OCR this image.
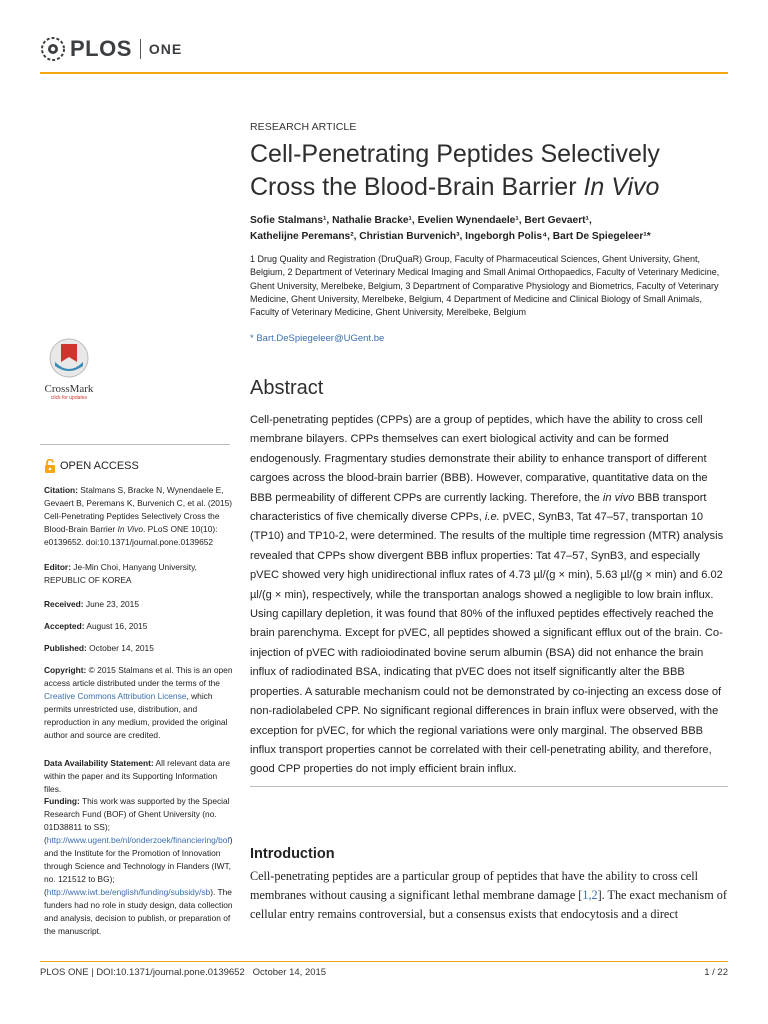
PLOS ONE
CrossMark
click for updates
OPEN ACCESS
Citation: Stalmans S, Bracke N, Wynendaele E, Gevaert B, Peremans K, Burvenich C, et al. (2015) Cell-Penetrating Peptides Selectively Cross the Blood-Brain Barrier In Vivo. PLoS ONE 10(10): e0139652. doi:10.1371/journal.pone.0139652
Editor: Je-Min Choi, Hanyang University, REPUBLIC OF KOREA
Received: June 23, 2015
Accepted: August 16, 2015
Published: October 14, 2015
Copyright: © 2015 Stalmans et al. This is an open access article distributed under the terms of the Creative Commons Attribution License, which permits unrestricted use, distribution, and reproduction in any medium, provided the original author and source are credited.
Data Availability Statement: All relevant data are within the paper and its Supporting Information files.
Funding: This work was supported by the Special Research Fund (BOF) of Ghent University (no. 01D38811 to SS); (http://www.ugent.be/nl/onderzoek/financiering/bof) and the Institute for the Promotion of Innovation through Science and Technology in Flanders (IWT, no. 121512 to BG); (http://www.iwt.be/english/funding/subsidy/sb). The funders had no role in study design, data collection and analysis, decision to publish, or preparation of the manuscript.
RESEARCH ARTICLE
Cell-Penetrating Peptides Selectively Cross the Blood-Brain Barrier In Vivo
Sofie Stalmans¹, Nathalie Bracke¹, Evelien Wynendaele¹, Bert Gevaert¹,
Kathelijne Peremans², Christian Burvenich³, Ingeborgh Polis⁴, Bart De Spiegeleer¹*
1 Drug Quality and Registration (DruQuaR) Group, Faculty of Pharmaceutical Sciences, Ghent University, Ghent, Belgium, 2 Department of Veterinary Medical Imaging and Small Animal Orthopaedics, Faculty of Veterinary Medicine, Ghent University, Merelbeke, Belgium, 3 Department of Comparative Physiology and Biometrics, Faculty of Veterinary Medicine, Ghent University, Merelbeke, Belgium, 4 Department of Medicine and Clinical Biology of Small Animals, Faculty of Veterinary Medicine, Ghent University, Merelbeke, Belgium
* Bart.DeSpiegeleer@UGent.be
Abstract
Cell-penetrating peptides (CPPs) are a group of peptides, which have the ability to cross cell membrane bilayers. CPPs themselves can exert biological activity and can be formed endogenously. Fragmentary studies demonstrate their ability to enhance transport of different cargoes across the blood-brain barrier (BBB). However, comparative, quantitative data on the BBB permeability of different CPPs are currently lacking. Therefore, the in vivo BBB transport characteristics of five chemically diverse CPPs, i.e. pVEC, SynB3, Tat 47–57, transportan 10 (TP10) and TP10-2, were determined. The results of the multiple time regression (MTR) analysis revealed that CPPs show divergent BBB influx properties: Tat 47–57, SynB3, and especially pVEC showed very high unidirectional influx rates of 4.73 µl/(g × min), 5.63 µl/(g × min) and 6.02 µl/(g × min), respectively, while the transportan analogs showed a negligible to low brain influx. Using capillary depletion, it was found that 80% of the influxed peptides effectively reached the brain parenchyma. Except for pVEC, all peptides showed a significant efflux out of the brain. Co-injection of pVEC with radioiodinated bovine serum albumin (BSA) did not enhance the brain influx of radiodinated BSA, indicating that pVEC does not itself significantly alter the BBB properties. A saturable mechanism could not be demonstrated by co-injecting an excess dose of non-radiolabeled CPP. No significant regional differences in brain influx were observed, with the exception for pVEC, for which the regional variations were only marginal. The observed BBB influx transport properties cannot be correlated with their cell-penetrating ability, and therefore, good CPP properties do not imply efficient brain influx.
Introduction
Cell-penetrating peptides are a particular group of peptides that have the ability to cross cell membranes without causing a significant lethal membrane damage [1,2]. The exact mechanism of cellular entry remains controversial, but a consensus exists that endocytosis and a direct
PLOS ONE | DOI:10.1371/journal.pone.0139652   October 14, 2015	1 / 22
